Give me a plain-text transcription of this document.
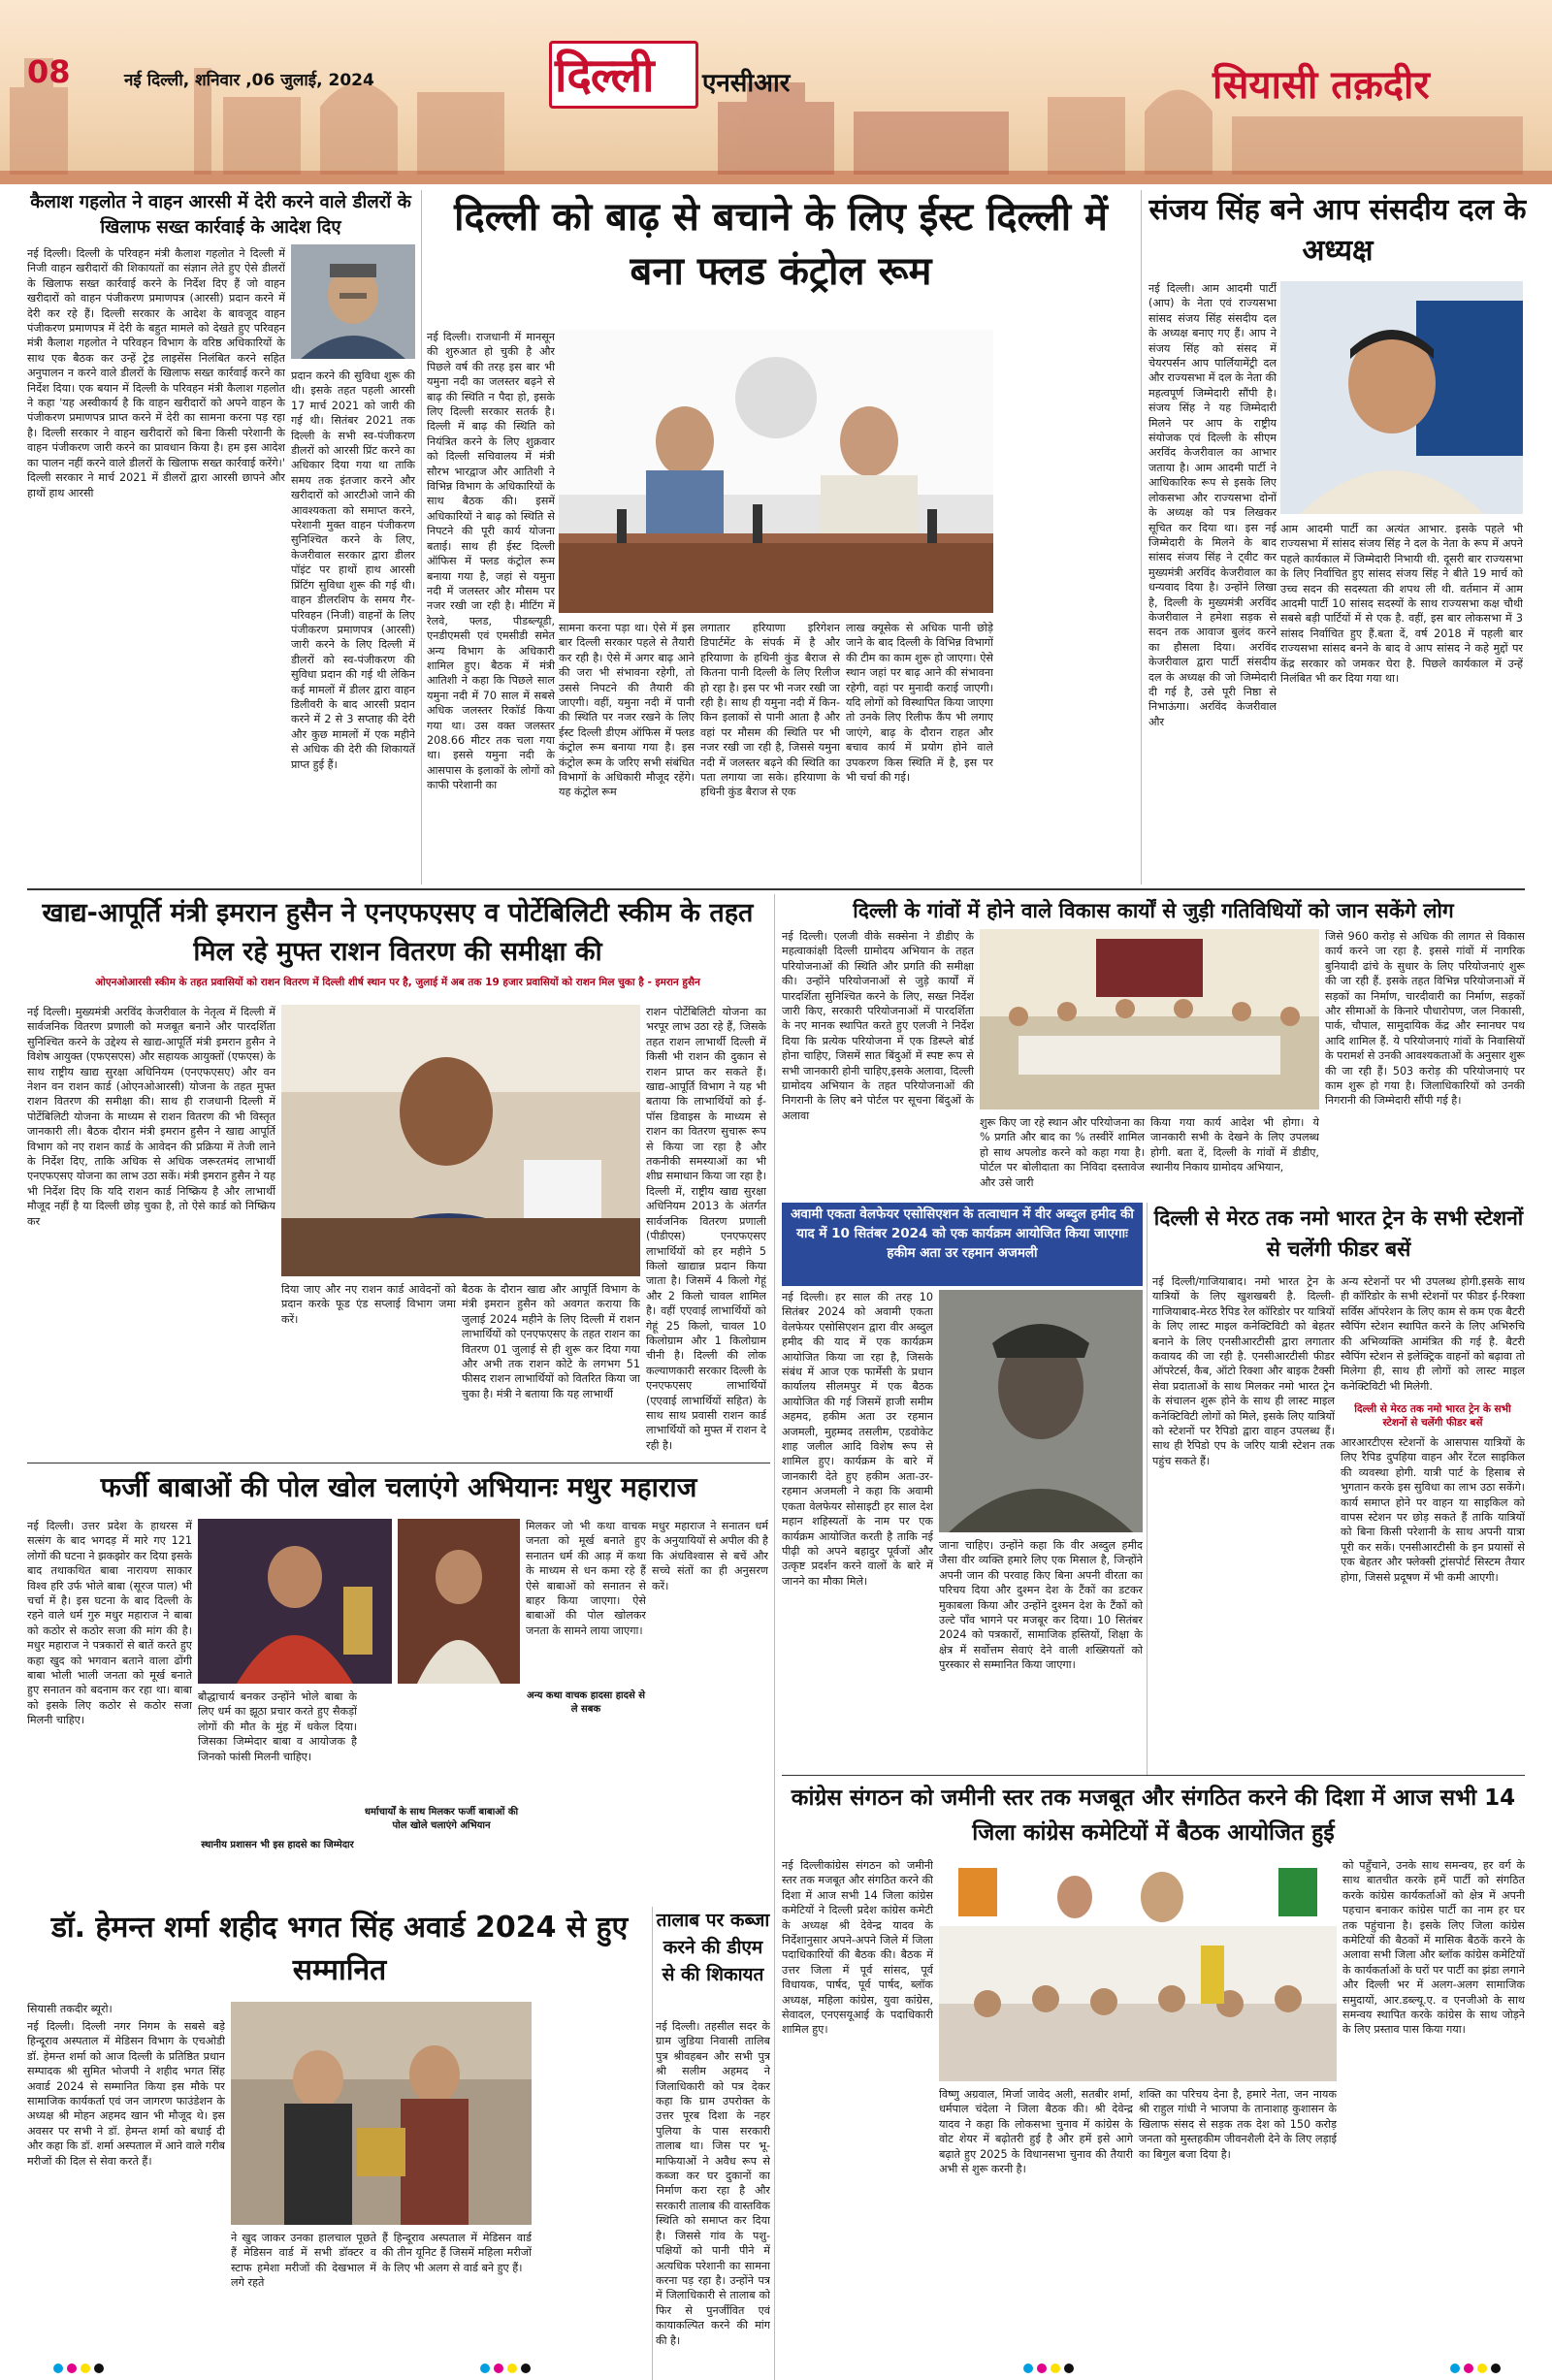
08	नई दिल्ली, शनिवार ,06 जुलाई, 2024	दिल्ली एनसीआर	सियासी तक़दीर
कैलाश गहलोत ने वाहन आरसी में देरी करने वाले डीलरों के खिलाफ सख्त कार्रवाई के आदेश दिए
नई दिल्ली। दिल्ली के परिवहन मंत्री कैलाश गहलोत ने दिल्ली में निजी वाहन खरीदारों की शिकायतों का संज्ञान लेते हुए ऐसे डीलरों के खिलाफ सख्त कार्रवाई करने के निर्देश दिए हैं जो वाहन खरीदारों को वाहन पंजीकरण प्रमाणपत्र (आरसी) प्रदान करने में देरी कर रहे हैं। दिल्ली सरकार के आदेश के बावजूद वाहन पंजीकरण प्रमाणपत्र में देरी के बहुत मामले को देखते हुए परिवहन मंत्री कैलाश गहलोत ने परिवहन विभाग के वरिष्ठ अधिकारियों के साथ एक बैठक कर उन्हें ट्रेड लाइसेंस निलंबित करने सहित अनुपालन न करने वाले डीलरों के खिलाफ सख्त कार्रवाई करने का निर्देश दिया। एक बयान में दिल्ली के परिवहन मंत्री कैलाश गहलोत ने कहा 'यह अस्वीकार्य है कि वाहन खरीदारों को अपने वाहन के पंजीकरण प्रमाणपत्र प्राप्त करने में देरी का सामना करना पड़ रहा है। दिल्ली सरकार ने वाहन खरीदारों को बिना किसी परेशानी के वाहन पंजीकरण जारी करने का प्रावधान किया है। हम इस आदेश का पालन नहीं करने वाले डीलरों के खिलाफ सख्त कार्रवाई करेंगे।' दिल्ली सरकार ने मार्च 2021 में डीलरों द्वारा आरसी छापने और हाथों हाथ आरसी
प्रदान करने की सुविधा शुरू की थी। इसके तहत पहली आरसी 17 मार्च 2021 को जारी की गई थी। सितंबर 2021 तक दिल्ली के सभी स्व-पंजीकरण डीलरों को आरसी प्रिंट करने का अधिकार दिया गया था ताकि समय तक इंतजार करने और खरीदारों को आरटीओ जाने की आवश्यकता को समाप्त करने, परेशानी मुक्त वाहन पंजीकरण सुनिश्चित करने के लिए, केजरीवाल सरकार द्वारा डीलर पॉइंट पर हाथों हाथ आरसी प्रिंटिंग सुविधा शुरू की गई थी। वाहन डीलरशिप के समय गैर-परिवहन (निजी) वाहनों के लिए पंजीकरण प्रमाणपत्र (आरसी) जारी करने के लिए दिल्ली में डीलरों को स्व-पंजीकरण की सुविधा प्रदान की गई थी लेकिन कई मामलों में डीलर द्वारा वाहन डिलीवरी के बाद आरसी प्रदान करने में 2 से 3 सप्ताह की देरी और कुछ मामलों में एक महीने से अधिक की देरी की शिकायतें प्राप्त हुई हैं।
दिल्ली को बाढ़ से बचाने के लिए ईस्ट दिल्ली में बना फ्लड कंट्रोल रूम
नई दिल्ली। राजधानी में मानसून की शुरुआत हो चुकी है और पिछले वर्ष की तरह इस बार भी यमुना नदी का जलस्तर बढ़ने से बाढ़ की स्थिति न पैदा हो, इसके लिए दिल्ली सरकार सतर्क है। दिल्ली में बाढ़ की स्थिति को नियंत्रित करने के लिए शुक्रवार को दिल्ली सचिवालय में मंत्री सौरभ भारद्वाज और आतिशी ने विभिन्न विभाग के अधिकारियों के साथ बैठक की। इसमें अधिकारियों ने बाढ़ को स्थिति से निपटने की पूरी कार्य योजना बताई। साथ ही ईस्ट दिल्ली ऑफिस में फ्लड कंट्रोल रूम बनाया गया है, जहां से यमुना नदी में जलस्तर और मौसम पर नजर रखी जा रही है। मीटिंग में रेलवे, फ्लड, पीडब्ल्यूडी, एनडीएमसी एवं एमसीडी समेत अन्य विभाग के अधिकारी शामिल हुए। बैठक में मंत्री आतिशी ने कहा कि पिछले साल यमुना नदी में 70 साल में सबसे अधिक जलस्तर रिकॉर्ड किया गया था। उस वक्त जलस्तर 208.66 मीटर तक चला गया था। इससे यमुना नदी के आसपास के इलाकों के लोगों को काफी परेशानी का
सामना करना पड़ा था। ऐसे में इस बार दिल्ली सरकार पहले से तैयारी कर रही है। ऐसे में अगर बाढ़ आने की जरा भी संभावना रहेगी, तो उससे निपटने की तैयारी की जाएगी। वहीं, यमुना नदी में पानी की स्थिति पर नजर रखने के लिए ईस्ट दिल्ली डीएम ऑफिस में फ्लड कंट्रोल रूम बनाया गया है। इस कंट्रोल रूम के जरिए सभी संबंधित विभागों के अधिकारी मौजूद रहेंगे। यह कंट्रोल रूम
लगातार हरियाणा इरिगेशन डिपार्टमेंट के संपर्क में है और हरियाणा के हथिनी कुंड बैराज से कितना पानी दिल्ली के लिए रिलीज हो रहा है। इस पर भी नजर रखी जा रही है। साथ ही यमुना नदी में किन-किन इलाकों से पानी आता है और वहां पर मौसम की स्थिति पर भी नजर रखी जा रही है, जिससे यमुना नदी में जलस्तर बढ़ने की स्थिति का पता लगाया जा सके। हरियाणा के हथिनी कुंड बैराज से एक
लाख क्यूसेक से अधिक पानी छोड़े जाने के बाद दिल्ली के विभिन्न विभागों की टीम का काम शुरू हो जाएगा। ऐसे स्थान जहां पर बाढ़ आने की संभावना रहेगी, वहां पर मुनादी कराई जाएगी। यदि लोगों को विस्थापित किया जाएगा तो उनके लिए रिलीफ कैंप भी लगाए जाएंगे, बाढ़ के दौरान राहत और बचाव कार्य में प्रयोग होने वाले उपकरण किस स्थिति में है, इस पर भी चर्चा की गई।
संजय सिंह बने आप संसदीय दल के अध्यक्ष
नई दिल्ली। आम आदमी पार्टी (आप) के नेता एवं राज्यसभा सांसद संजय सिंह संसदीय दल के अध्यक्ष बनाए गए हैं। आप ने संजय सिंह को संसद में चेयरपर्सन आप पार्लियामेंट्री दल और राज्यसभा में दल के नेता की महत्वपूर्ण जिम्मेदारी सौंपी है। संजय सिंह ने यह जिम्मेदारी मिलने पर आप के राष्ट्रीय संयोजक एवं दिल्ली के सीएम अरविंद केजरीवाल का आभार जताया है। आम आदमी पार्टी ने आधिकारिक रूप से इसके लिए लोकसभा और राज्यसभा दोनों के अध्यक्ष को पत्र लिखकर सूचित कर दिया था। इस नई जिम्मेदारी के मिलने के बाद सांसद संजय सिंह ने ट्वीट कर मुख्यमंत्री अरविंद केजरीवाल का धन्यवाद दिया है। उन्होंने लिखा है, दिल्ली के मुख्यमंत्री अरविंद केजरीवाल ने हमेशा सड़क से सदन तक आवाज बुलंद करने का हौसला दिया। अरविंद केजरीवाल द्वारा पार्टी संसदीय दल के अध्यक्ष की जो जिम्मेदारी दी गई है, उसे पूरी निष्ठा से निभाऊंगा। अरविंद केजरीवाल और
आम आदमी पार्टी का अत्यंत आभार. इसके पहले भी राज्यसभा में सांसद संजय सिंह ने दल के नेता के रूप में अपने पहले कार्यकाल में जिम्मेदारी निभायी थी. दूसरी बार राज्यसभा के लिए निर्वाचित हुए सांसद संजय सिंह ने बीते 19 मार्च को उच्च सदन की सदस्यता की शपथ ली थी. वर्तमान में आम आदमी पार्टी 10 सांसद सदस्यों के साथ राज्यसभा कक्ष चौथी सबसे बड़ी पार्टियों में से एक है. वहीं, इस बार लोकसभा में 3 सांसद निर्वाचित हुए हैं.बता दें, वर्ष 2018 में पहली बार राज्यसभा सांसद बनने के बाद वे आप सांसद ने कहे मुद्दों पर केंद्र सरकार को जमकर घेरा है. पिछले कार्यकाल में उन्हें निलंबित भी कर दिया गया था।
खाद्य-आपूर्ति मंत्री इमरान हुसैन ने एनएफएसए व पोर्टेबिलिटी स्कीम के तहत मिल रहे मुफ्त राशन वितरण की समीक्षा की
ओएनओआरसी स्कीम के तहत प्रवासियों को राशन वितरण में दिल्ली शीर्ष स्थान पर है, जुलाई में अब तक 19 हजार प्रवासियों को राशन मिल चुका है - इमरान हुसैन
नई दिल्ली। मुख्यमंत्री अरविंद केजरीवाल के नेतृत्व में दिल्ली में सार्वजनिक वितरण प्रणाली को मजबूत बनाने और पारदर्शिता सुनिश्चित करने के उद्देश्य से खाद्य-आपूर्ति मंत्री इमरान हुसैन ने विशेष आयुक्त (एफएसएस) और सहायक आयुक्तों (एफएस) के साथ राष्ट्रीय खाद्य सुरक्षा अधिनियम (एनएफएसए) और वन नेशन वन राशन कार्ड (ओएनओआरसी) योजना के तहत मुफ्त राशन वितरण की समीक्षा की। साथ ही राजधानी दिल्ली में पोर्टेबिलिटी योजना के माध्यम से राशन वितरण की भी विस्तृत जानकारी ली। बैठक दौरान मंत्री इमरान हुसैन ने खाद्य आपूर्ति विभाग को नए राशन कार्ड के आवेदन की प्रक्रिया में तेजी लाने के निर्देश दिए, ताकि अधिक से अधिक जरूरतमंद लाभार्थी एनएफएसए योजना का लाभ उठा सकें। मंत्री इमरान हुसैन ने यह भी निर्देश दिए कि यदि राशन कार्ड निष्क्रिय है और लाभार्थी मौजूद नहीं है या दिल्ली छोड़ चुका है, तो ऐसे कार्ड को निष्क्रिय कर
दिया जाए और नए राशन कार्ड आवेदनों को प्रदान करके फूड एंड सप्लाई विभाग जमा करें।
बैठक के दौरान खाद्य और आपूर्ति विभाग के मंत्री इमरान हुसैन को अवगत कराया कि जुलाई 2024 महीने के लिए दिल्ली में राशन लाभार्थियों को एनएफएसए के तहत राशन का वितरण 01 जुलाई से ही शुरू कर दिया गया और अभी तक राशन कोटे के लगभग 51 फीसद राशन लाभार्थियों को वितरित किया जा चुका है। मंत्री ने बताया कि यह लाभार्थी
राशन पोर्टेबिलिटी योजना का भरपूर लाभ उठा रहे हैं, जिसके तहत राशन लाभार्थी दिल्ली में किसी भी राशन की दुकान से राशन प्राप्त कर सकते हैं। खाद्य-आपूर्ति विभाग ने यह भी बताया कि लाभार्थियों को ई-पॉस डिवाइस के माध्यम से राशन का वितरण सुचारू रूप से किया जा रहा है और तकनीकी समस्याओं का भी शीघ्र समाधान किया जा रहा है। दिल्ली में, राष्ट्रीय खाद्य सुरक्षा अधिनियम 2013 के अंतर्गत सार्वजनिक वितरण प्रणाली (पीडीएस) एनएफएसए लाभार्थियों को हर महीने 5 किलो खाद्यान्न प्रदान किया जाता है। जिसमें 4 किलो गेहूं और 2 किलो चावल शामिल है। वहीं एएवाई लाभार्थियों को गेहूं 25 किलो, चावल 10 किलोग्राम और 1 किलोग्राम चीनी है। दिल्ली की लोक कल्याणकारी सरकार दिल्ली के एनएफएसए लाभार्थियों (एएवाई लाभार्थियों सहित) के साथ साथ प्रवासी राशन कार्ड लाभार्थियों को मुफ्त में राशन दे रही है।
फर्जी बाबाओं की पोल खोल चलाएंगे अभियानः मधुर महाराज
नई दिल्ली। उत्तर प्रदेश के हाथरस में सत्संग के बाद भगदड़ में मारे गए 121 लोगों की घटना ने झकझोर कर दिया इसके बाद तथाकथित बाबा नारायण साकार विश्व हरि उर्फ भोले बाबा (सूरज पाल) भी चर्चा में है। इस घटना के बाद दिल्ली के रहने वाले धर्म गुरु मधुर महाराज ने बाबा को कठोर से कठोर सजा की मांग की है। मधुर महाराज ने पत्रकारों से बातें करते हुए कहा खुद को भगवान बताने वाला ढोंगी बाबा भोली भाली जनता को मूर्ख बनाते हुए सनातन को बदनाम कर रहा था। बाबा को इसके लिए कठोर से कठोर सजा मिलनी चाहिए।
बौद्धाचार्य बनकर उन्होंने भोले बाबा के लिए धर्म का झूठा प्रचार करते हुए सैकड़ों लोगों की मौत के मुंह में धकेल दिया। जिसका जिम्मेदार बाबा व आयोजक है जिनको फांसी मिलनी चाहिए।
धर्माचार्यों के साथ मिलकर फर्जी बाबाओं की पोल खोले चलाएंगे अभियान
स्थानीय प्रशासन भी इस हादसे का जिम्मेदार
मिलकर जो भी कथा वाचक जनता को मूर्ख बनाते हुए सनातन धर्म की आड़ में कथा के माध्यम से धन कमा रहे हैं ऐसे बाबाओं को सनातन से बाहर किया जाएगा। ऐसे बाबाओं की पोल खोलकर जनता के सामने लाया जाएगा।
अन्य कथा वाचक हादसा हादसे से ले सबक
मधुर महाराज ने सनातन धर्म के अनुयायियों से अपील की है कि अंधविश्वास से बचें और सच्चे संतों का ही अनुसरण करें।
डॉ. हेमन्त शर्मा शहीद भगत सिंह अवार्ड 2024 से हुए सम्मानित
सियासी तकदीर ब्यूरो।
नई दिल्ली। दिल्ली नगर निगम के सबसे बड़े हिन्दूराव अस्पताल में मेडिसन विभाग के एचओडी डॉ. हेमन्त शर्मा को आज दिल्ली के प्रतिष्ठित प्रधान सम्पादक श्री सुमित भोजपी ने शहीद भगत सिंह अवार्ड 2024 से सम्मानित किया इस मौके पर सामाजिक कार्यकर्ता एवं जन जागरण फाउंडेशन के अध्यक्ष श्री मोहन अहमद खान भी मौजूद थे। इस अवसर पर सभी ने डॉ. हेमन्त शर्मा को बधाई दी और कहा कि डॉ. शर्मा अस्पताल में आने वाले गरीब मरीजों की दिल से सेवा करते हैं।
ने खुद जाकर उनका हालचाल पूछते हैं मेडिसन वार्ड में सभी डॉक्टर व स्टाफ हमेशा मरीजों की देखभाल में लगे रहते
हैं हिन्दूराव अस्पताल में मेडिसन वार्ड की तीन यूनिट हैं जिसमें महिला मरीजों के लिए भी अलग से वार्ड बने हुए हैं।
तालाब पर कब्जा करने की डीएम से की शिकायत
नई दिल्ली। तहसील सदर के ग्राम जुडिया निवासी तालिब पुत्र श्रीवहबन और सभी पुत्र श्री सलीम अहमद ने जिलाधिकारी को पत्र देकर कहा कि ग्राम उपरोक्त के उत्तर पूरब दिशा के नहर पुलिया के पास सरकारी तालाब था। जिस पर भू-माफियाओं ने अवैध रूप से कब्जा कर घर दुकानों का निर्माण करा रहा है और सरकारी तालाब की वास्तविक स्थिति को समाप्त कर दिया है। जिससे गांव के पशु-पक्षियों को पानी पीने में अत्यधिक परेशानी का सामना करना पड़ रहा है। उन्होंने पत्र में जिलाधिकारी से तालाब को फिर से पुनर्जीवित एवं कायाकल्पित करने की मांग की है।
दिल्ली के गांवों में होने वाले विकास कार्यों से जुड़ी गतिविधियों को जान सकेंगे लोग
नई दिल्ली। एलजी वीके सक्सेना ने डीडीए के महत्वाकांक्षी दिल्ली ग्रामोदय अभियान के तहत परियोजनाओं की स्थिति और प्रगति की समीक्षा की। उन्होंने परियोजनाओं से जुड़े कार्यों में पारदर्शिता सुनिश्चित करने के लिए, सख्त निर्देश जारी किए, सरकारी परियोजनाओं में पारदर्शिता के नए मानक स्थापित करते हुए एलजी ने निर्देश दिया कि प्रत्येक परियोजना में एक डिस्प्ले बोर्ड होना चाहिए, जिसमें सात बिंदुओं में स्पष्ट रूप से सभी जानकारी होनी चाहिए,इसके अलावा, दिल्ली ग्रामोदय अभियान के तहत परियोजनाओं की निगरानी के लिए बने पोर्टल पर सूचना बिंदुओं के अलावा
शुरू किए जा रहे स्थान और परियोजना का % प्रगति और बाद का % तस्वीरें शामिल हो साथ अपलोड करने को कहा गया है। पोर्टल पर बोलीदाता का निविदा दस्तावेज और उसे जारी
किया गया कार्य आदेश भी होगा। ये जानकारी सभी के देखने के लिए उपलब्ध होगी. बता दें, दिल्ली के गांवों में डीडीए, स्थानीय निकाय ग्रामोदय अभियान,
जिसे 960 करोड़ से अधिक की लागत से विकास कार्य करने जा रहा है. इससे गांवों में नागरिक बुनियादी ढांचे के सुधार के लिए परियोजनाएं शुरू की जा रही हैं. इसके तहत विभिन्न परियोजनाओं में सड़कों का निर्माण, चारदीवारी का निर्माण, सड़कों और सीमाओं के किनारे पौधारोपण, जल निकासी, पार्क, चौपाल, सामुदायिक केंद्र और स्नानघर पथ आदि शामिल हैं. ये परियोजनाएं गांवों के निवासियों के परामर्श से उनकी आवश्यकताओं के अनुसार शुरू की जा रही हैं। 503 करोड़ की परियोजनाएं पर काम शुरू हो गया है। जिलाधिकारियों को उनकी निगरानी की जिम्मेदारी सौंपी गई है।
अवामी एकता वेलफेयर एसोसिएशन के तत्वाधान में वीर अब्दुल हमीद की याद में 10 सितंबर 2024 को एक कार्यक्रम आयोजित किया जाएगाः हकीम अता उर रहमान अजमली
नई दिल्ली। हर साल की तरह 10 सितंबर 2024 को अवामी एकता वेलफेयर एसोसिएशन द्वारा वीर अब्दुल हमीद की याद में एक कार्यक्रम आयोजित किया जा रहा है, जिसके संबंध में आज एक फार्मेसी के प्रधान कार्यालय सीलमपुर में एक बैठक आयोजित की गई जिसमें हाजी समीम अहमद, हकीम अता उर रहमान अजमली, मुहम्मद तसलीम, एडवोकेट शाह जलील आदि विशेष रूप से शामिल हुए। कार्यक्रम के बारे में जानकारी देते हुए हकीम अता-उर-रहमान अजमली ने कहा कि अवामी एकता वेलफेयर सोसाइटी हर साल देश महान शहिस्यतों के नाम पर एक कार्यक्रम आयोजित करती है ताकि नई पीढ़ी को अपने बहादुर पूर्वजों और उत्कृष्ट प्रदर्शन करने वालों के बारे में जानने का मौका मिले।
जाना चाहिए। उन्होंने कहा कि वीर अब्दुल हमीद जैसा वीर व्यक्ति हमारे लिए एक मिसाल है, जिन्होंने अपनी जान की परवाह किए बिना अपनी वीरता का परिचय दिया और दुश्मन देश के टैंकों का डटकर मुकाबला किया और उन्होंने दुश्मन देश के टैंकों को उल्टे पाँव भागने पर मजबूर कर दिया। 10 सितंबर 2024 को पत्रकारों, सामाजिक हस्तियों, शिक्षा के क्षेत्र में सर्वोत्तम सेवाएं देने वाली शख्सियतों को पुरस्कार से सम्मानित किया जाएगा।
दिल्ली से मेरठ तक नमो भारत ट्रेन के सभी स्टेशनों से चलेंगी फीडर बसें
नई दिल्ली/गाजियाबाद। नमो भारत ट्रेन के यात्रियों के लिए खुशखबरी है. दिल्ली-गाजियाबाद-मेरठ रैपिड रेल कॉरिडोर पर यात्रियों के लिए लास्ट माइल कनेक्टिविटी को बेहतर बनाने के लिए एनसीआरटीसी द्वारा लगातार कवायद की जा रही है. एनसीआरटीसी फीडर ऑपरेटर्स, कैब, ऑटो रिक्शा और बाइक टैक्सी सेवा प्रदाताओं के साथ मिलकर नमो भारत ट्रेन के संचालन शुरू होने के साथ ही लास्ट माइल कनेक्टिविटी लोगों को मिले, इसके लिए यात्रियों को स्टेशनों पर रैपिडो द्वारा वाहन उपलब्ध हैं। साथ ही रैपिडो एप के जरिए यात्री स्टेशन तक पहुंच सकते हैं।
अन्य स्टेशनों पर भी उपलब्ध होगी.इसके साथ ही कॉरिडोर के सभी स्टेशनों पर फीडर ई-रिक्शा सर्विस ऑपरेशन के लिए काम से कम एक बैटरी स्वैपिंग स्टेशन स्थापित करने के लिए अभिरुचि की अभिव्यक्ति आमंत्रित की गई है. बैटरी स्वैपिंग स्टेशन से इलेक्ट्रिक वाहनों को बढ़ावा तो मिलेगा ही, साथ ही लोगों को लास्ट माइल कनेक्टिविटी भी मिलेगी.
दिल्ली से मेरठ तक नमो भारत ट्रेन के सभी स्टेशनों से चलेंगी फीडर बसें
आरआरटीएस स्टेशनों के आसपास यात्रियों के लिए रैपिड दुपहिया वाहन और रेंटल साइकिल की व्यवस्था होगी. यात्री पार्ट के हिसाब से भुगतान करके इस सुविधा का लाभ उठा सकेंगे। कार्य समाप्त होने पर वाहन या साइकिल को वापस स्टेशन पर छोड़ सकते हैं ताकि यात्रियों को बिना किसी परेशानी के साथ अपनी यात्रा पूरी कर सकें। एनसीआरटीसी के इन प्रयासों से एक बेहतर और फ्लेक्सी ट्रांसपोर्ट सिस्टम तैयार होगा, जिससे प्रदूषण में भी कमी आएगी।
कांग्रेस संगठन को जमीनी स्तर तक मजबूत और संगठित करने की दिशा में आज सभी 14 जिला कांग्रेस कमेटियों में बैठक आयोजित हुई
नई दिल्लीकांग्रेस संगठन को जमीनी स्तर तक मजबूत और संगठित करने की दिशा में आज सभी 14 जिला कांग्रेस कमेटियों ने दिल्ली प्रदेश कांग्रेस कमेटी के अध्यक्ष श्री देवेन्द्र यादव के निर्देशानुसार अपने-अपने जिले में जिला पदाधिकारियों की बैठक की। बैठक में उत्तर जिला में पूर्व सांसद, पूर्व विधायक, पार्षद, पूर्व पार्षद, ब्लॉक अध्यक्ष, महिला कांग्रेस, युवा कांग्रेस, सेवादल, एनएसयूआई के पदाधिकारी शामिल हुए।
विष्णु अग्रवाल, मिर्जा जावेद अली, सतबीर शर्मा, धर्मपाल चंदेला ने जिला बैठक की। श्री देवेन्द्र यादव ने कहा कि लोकसभा चुनाव में कांग्रेस के वोट शेयर में बढ़ोतरी हुई है और हमें इसे आगे बढ़ाते हुए 2025 के विधानसभा चुनाव की तैयारी अभी से शुरू करनी है।
शक्ति का परिचय देना है, हमारे नेता, जन नायक श्री राहुल गांधी ने भाजपा के तानाशाह कुशासन के खिलाफ संसद से सड़क तक देश को 150 करोड़ जनता को मुस्तहकीम जीवनशैली देने के लिए लड़ाई का बिगुल बजा दिया है।
को पहुँचाने, उनके साथ समन्वय, हर वर्ग के साथ बातचीत करके हमें पार्टी को संगठित करके कांग्रेस कार्यकर्ताओं को क्षेत्र में अपनी पहचान बनाकर कांग्रेस पार्टी का नाम हर घर तक पहुंचाना है। इसके लिए जिला कांग्रेस कमेटियों की बैठकों में मासिक बैठकें करने के अलावा सभी जिला और ब्लॉक कांग्रेस कमेटियों के कार्यकर्ताओं के घरों पर पार्टी का झंडा लगाने और दिल्ली भर में अलग-अलग सामाजिक समुदायों, आर.डब्ल्यू.ए. व एनजीओ के साथ समन्वय स्थापित करके कांग्रेस के साथ जोड़ने के लिए प्रस्ताव पास किया गया।
